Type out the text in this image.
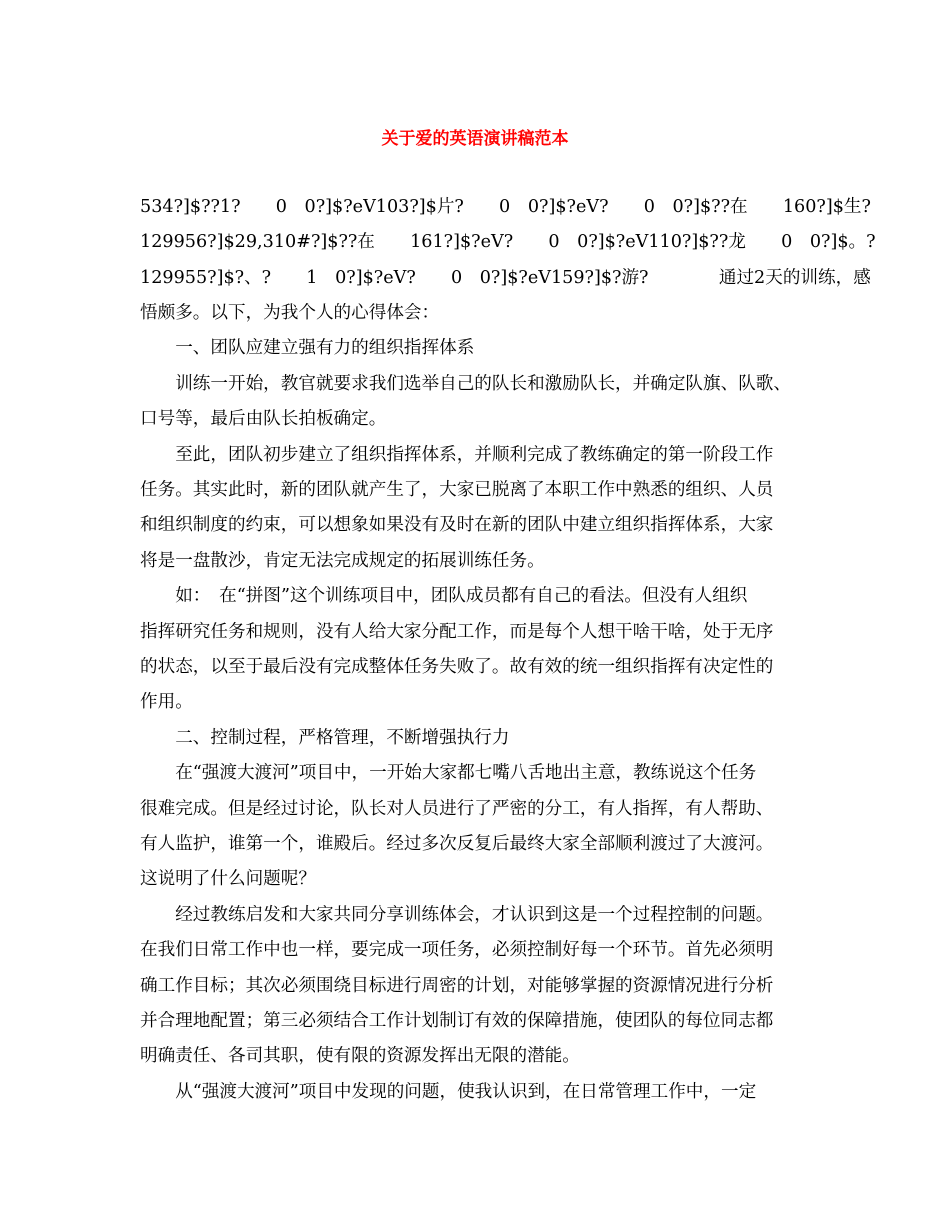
关于爱的英语演讲稿范本
534?]$??1?　　0　0?]$?eV103?]$片?　　0　0?]$?eV?　　0　0?]$??在　　160?]$生?
129956?]$29,310#?]$??在　　161?]$?eV?　　0　0?]$?eV110?]$??龙　　0　0?]$。?
129955?]$?、?　　1　0?]$?eV?　　0　0?]$?eV159?]$?游?　　　　通过2天的训练，感
悟颇多。以下，为我个人的心得体会：
　　一、团队应建立强有力的组织指挥体系
　　训练一开始，教官就要求我们选举自己的队长和激励队长，并确定队旗、队歌、
口号等，最后由队长拍板确定。
　　至此，团队初步建立了组织指挥体系，并顺利完成了教练确定的第一阶段工作
任务。其实此时，新的团队就产生了，大家已脱离了本职工作中熟悉的组织、人员
和组织制度的约束，可以想象如果没有及时在新的团队中建立组织指挥体系，大家
将是一盘散沙，肯定无法完成规定的拓展训练任务。
　　如：　在“拼图”这个训练项目中，团队成员都有自己的看法。但没有人组织
指挥研究任务和规则，没有人给大家分配工作，而是每个人想干啥干啥，处于无序
的状态，以至于最后没有完成整体任务失败了。故有效的统一组织指挥有决定性的
作用。
　　二、控制过程，严格管理，不断增强执行力
　　在“强渡大渡河”项目中，一开始大家都七嘴八舌地出主意，教练说这个任务
很难完成。但是经过讨论，队长对人员进行了严密的分工，有人指挥，有人帮助、
有人监护，谁第一个，谁殿后。经过多次反复后最终大家全部顺利渡过了大渡河。
这说明了什么问题呢？
　　经过教练启发和大家共同分享训练体会，才认识到这是一个过程控制的问题。
在我们日常工作中也一样，要完成一项任务，必须控制好每一个环节。首先必须明
确工作目标；其次必须围绕目标进行周密的计划，对能够掌握的资源情况进行分析
并合理地配置；第三必须结合工作计划制订有效的保障措施，使团队的每位同志都
明确责任、各司其职，使有限的资源发挥出无限的潜能。
　　从“强渡大渡河”项目中发现的问题，使我认识到，在日常管理工作中，一定
